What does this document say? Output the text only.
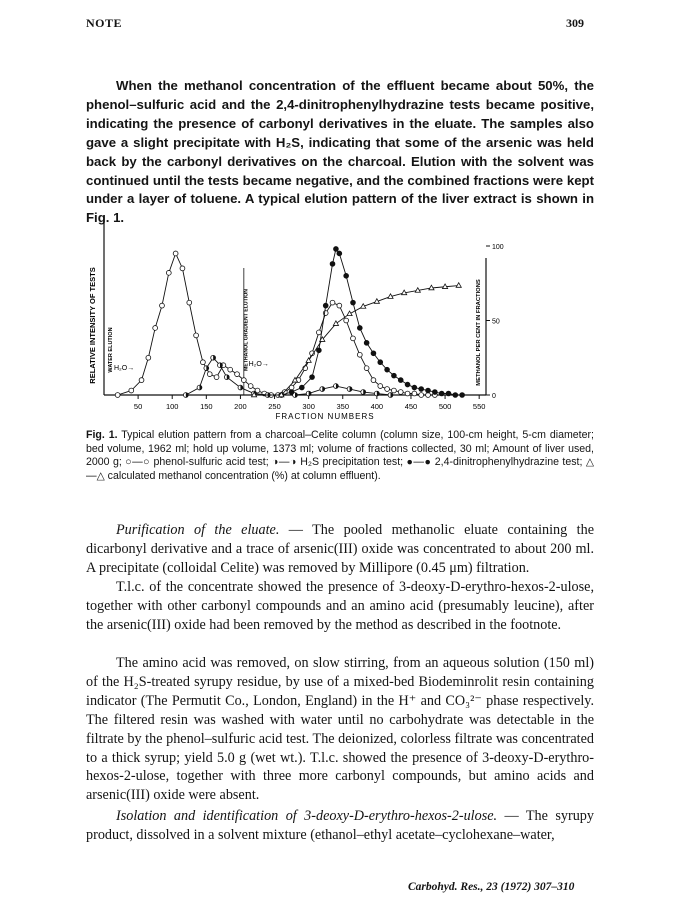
NOTE	309

When the methanol concentration of the effluent became about 50%, the phenol–sulfuric acid and the 2,4-dinitrophenylhydrazine tests became positive, indicating the presence of carbonyl derivatives in the eluate. The samples also gave a slight precipitate with H₂S, indicating that some of the arsenic was held back by the carbonyl derivatives on the charcoal. Elution with the solvent was continued until the tests became negative, and the combined fractions were kept under a layer of toluene. A typical elution pattern of the liver extract is shown in Fig. 1.

50	100	150	200	250	300	350	400	450	500	550
0
50
100
FRACTION NUMBERS
RELATIVE INTENSITY OF TESTS	METHANOL PER CENT IN FRACTIONS
WATER ELUTION	METHANOL GRADIENT ELUTION
H₂O→
H₂O→

Fig. 1. Typical elution pattern from a charcoal–Celite column (column size, 100-cm height, 5-cm diameter; bed volume, 1962 ml; hold up volume, 1373 ml; volume of fractions collected, 30 ml; Amount of liver used, 2000 g; ○—○ phenol-sulfuric acid test; ◑—◑ H₂S precipitation test; ●—● 2,4-dinitrophenylhydrazine test; △—△ calculated methanol concentration (%) at column effluent).

Purification of the eluate. — The pooled methanolic eluate containing the dicarbonyl derivative and a trace of arsenic(III) oxide was concentrated to about 200 ml. A precipitate (colloidal Celite) was removed by Millipore (0.45 μm) filtration.

T.l.c. of the concentrate showed the presence of 3-deoxy-D-erythro-hexos-2-ulose, together with other carbonyl compounds and an amino acid (presumably leucine), after the arsenic(III) oxide had been removed by the method as described in the footnote.

The amino acid was removed, on slow stirring, from an aqueous solution (150 ml) of the H₂S-treated syrupy residue, by use of a mixed-bed Biodeminrolit resin containing indicator (The Permutit Co., London, England) in the H⁺ and CO₃²⁻ phase respectively. The filtered resin was washed with water until no carbohydrate was detectable in the filtrate by the phenol–sulfuric acid test. The deionized, colorless filtrate was concentrated to a thick syrup; yield 5.0 g (wet wt.). T.l.c. showed the presence of 3-deoxy-D-erythro-hexos-2-ulose, together with three more carbonyl compounds, but amino acids and arsenic(III) oxide were absent.

Isolation and identification of 3-deoxy-D-erythro-hexos-2-ulose. — The syrupy product, dissolved in a solvent mixture (ethanol–ethyl acetate–cyclohexane–water,

Carbohyd. Res., 23 (1972) 307–310
